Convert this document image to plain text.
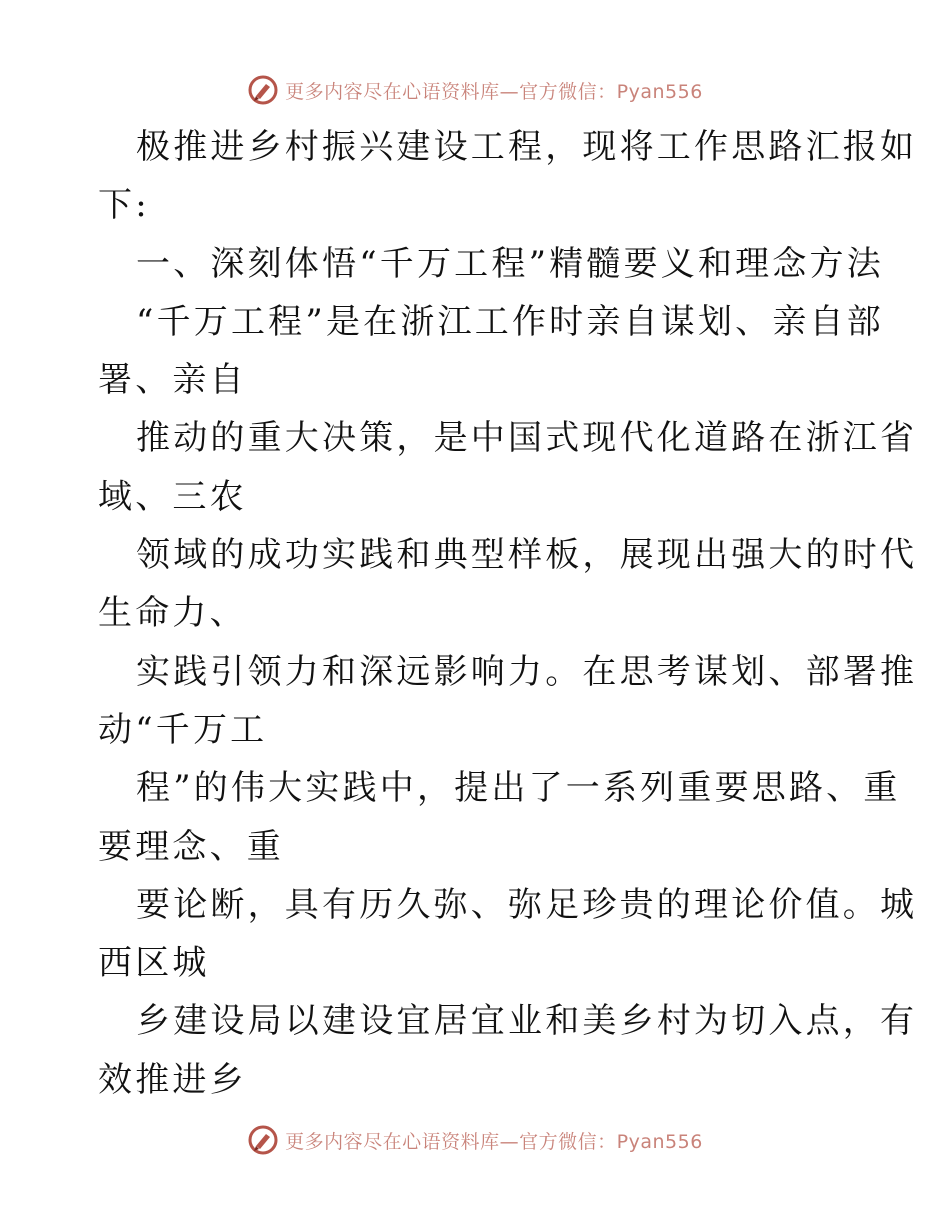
更多内容尽在心语资料库—官方微信：Pyan556
极推进乡村振兴建设工程，现将工作思路汇报如
下:
一、深刻体悟“千万工程”精髓要义和理念方法
“千万工程”是在浙江工作时亲自谋划、亲自部
署、亲自
推动的重大决策，是中国式现代化道路在浙江省
域、三农
领域的成功实践和典型样板，展现出强大的时代
生命力、
实践引领力和深远影响力。在思考谋划、部署推
动“千万工
程”的伟大实践中，提出了一系列重要思路、重
要理念、重
要论断，具有历久弥、弥足珍贵的理论价值。城
西区城
乡建设局以建设宜居宜业和美乡村为切入点，有
效推进乡
更多内容尽在心语资料库—官方微信：Pyan556
